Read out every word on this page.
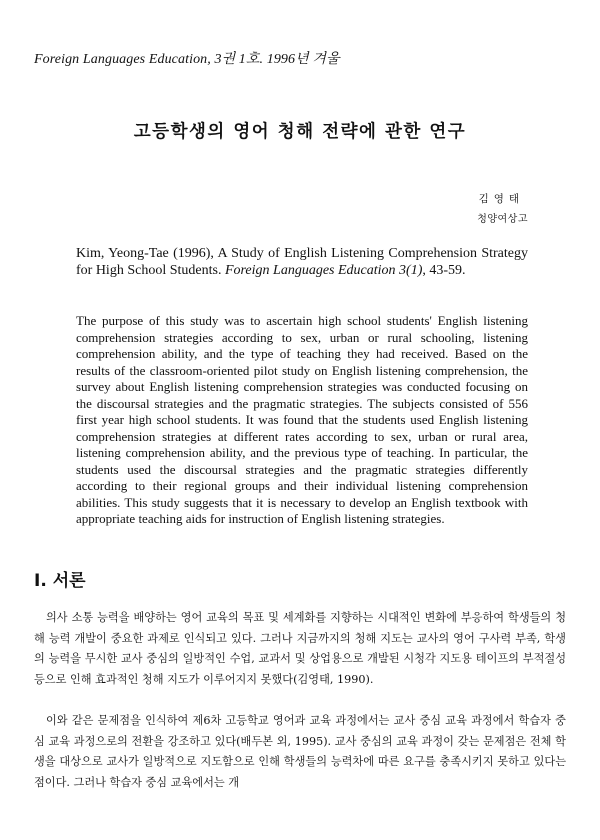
Foreign Languages Education, 3권 1호. 1996년 겨울
고등학생의 영어 청해 전략에 관한 연구
김영태
청양여상고
Kim, Yeong-Tae (1996), A Study of English Listening Comprehension Strategy for High School Students. Foreign Languages Education 3(1), 43-59.

The purpose of this study was to ascertain high school students' English listening comprehension strategies according to sex, urban or rural schooling, listening comprehension ability, and the type of teaching they had received. Based on the results of the classroom-oriented pilot study on English listening comprehension, the survey about English listening comprehension strategies was conducted focusing on the discoursal strategies and the pragmatic strategies. The subjects consisted of 556 first year high school students. It was found that the students used English listening comprehension strategies at different rates according to sex, urban or rural area, listening comprehension ability, and the previous type of teaching. In particular, the students used the discoursal strategies and the pragmatic strategies differently according to their regional groups and their individual listening comprehension abilities. This study suggests that it is necessary to develop an English textbook with appropriate teaching aids for instruction of English listening strategies.

I. 서론

의사 소통 능력을 배양하는 영어 교육의 목표 및 세계화를 지향하는 시대적인 변화에 부응하여 학생들의 청해 능력 개발이 중요한 과제로 인식되고 있다. 그러나 지금까지의 청해 지도는 교사의 영어 구사력 부족, 학생의 능력을 무시한 교사 중심의 일방적인 수업, 교과서 및 상업용으로 개발된 시청각 지도용 테이프의 부적절성 등으로 인해 효과적인 청해 지도가 이루어지지 못했다(김영태, 1990).

이와 같은 문제점을 인식하여 제6차 고등학교 영어과 교육 과정에서는 교사 중심 교육 과정에서 학습자 중심 교육 과정으로의 전환을 강조하고 있다(배두본 외, 1995). 교사 중심의 교육 과정이 갖는 문제점은 전체 학생을 대상으로 교사가 일방적으로 지도함으로 인해 학생들의 능력차에 따른 요구를 충족시키지 못하고 있다는 점이다. 그러나 학습자 중심 교육에서는 개
